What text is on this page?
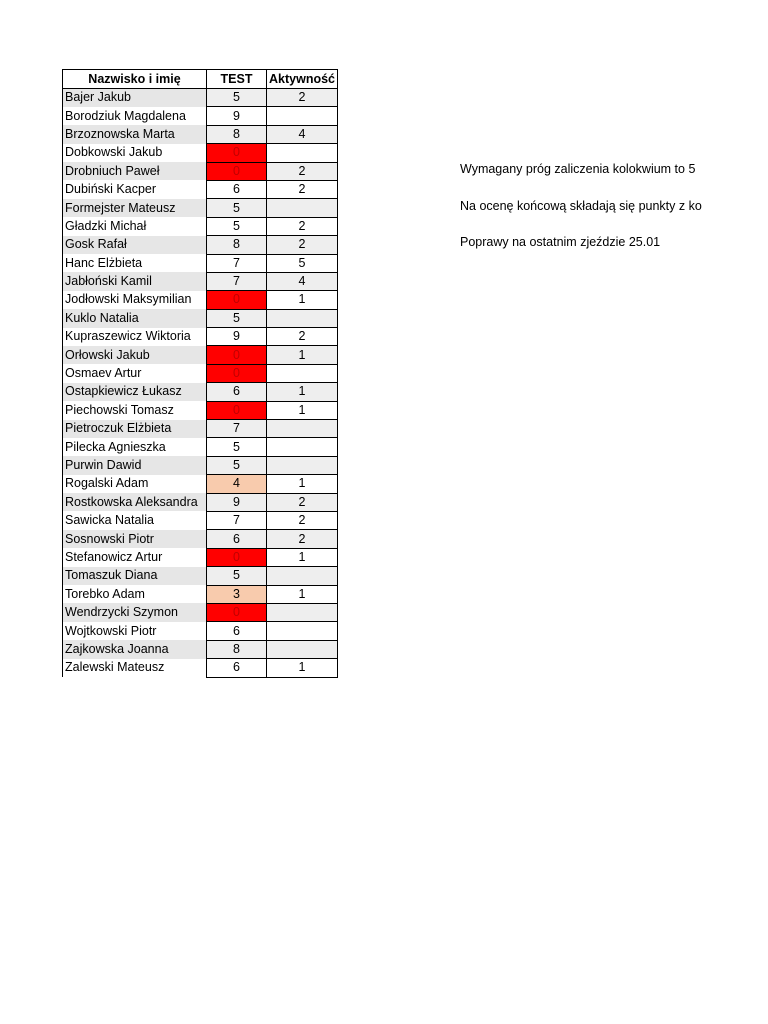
Nazwisko i imię	TEST	Aktywność
Bajer Jakub	5	2
Borodziuk Magdalena	9	
Brzoznowska Marta	8	4
Dobkowski Jakub	0	
Drobniuch Paweł	0	2
Dubiński Kacper	6	2
Formejster Mateusz	5	
Gładzki Michał	5	2
Gosk Rafał	8	2
Hanc Elżbieta	7	5
Jabłoński Kamil	7	4
Jodłowski Maksymilian	0	1
Kuklo Natalia	5	
Kupraszewicz Wiktoria	9	2
Orłowski Jakub	0	1
Osmaev Artur	0	
Ostapkiewicz Łukasz	6	1
Piechowski Tomasz	0	1
Pietroczuk Elżbieta	7	
Pilecka Agnieszka	5	
Purwin Dawid	5	
Rogalski Adam	4	1
Rostkowska Aleksandra	9	2
Sawicka Natalia	7	2
Sosnowski Piotr	6	2
Stefanowicz Artur	0	1
Tomaszuk Diana	5	
Torebko Adam	3	1
Wendrzycki Szymon	0	
Wojtkowski Piotr	6	
Zajkowska Joanna	8	
Zalewski Mateusz	6	1
Wymagany próg zaliczenia kolokwium to 5
Na ocenę końcową składają się punkty z ko
Poprawy na ostatnim zjeździe 25.01
